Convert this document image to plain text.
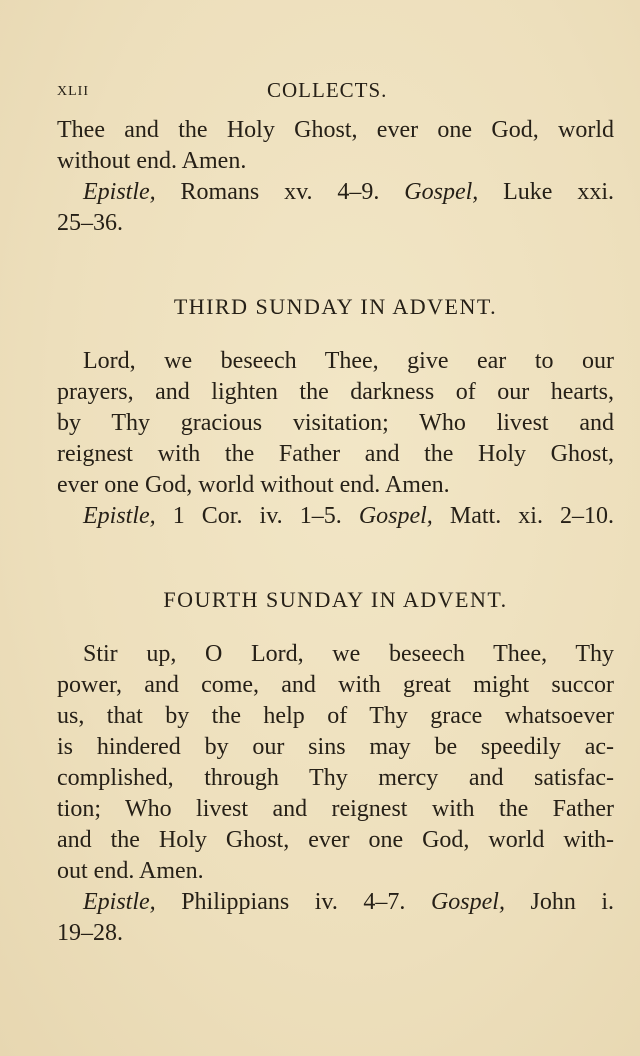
XLII	COLLECTS.
Thee and the Holy Ghost, ever one God, world
without end. Amen.
Epistle, Romans xv. 4–9. Gospel, Luke xxi.
25–36.
THIRD SUNDAY IN ADVENT.
Lord, we beseech Thee, give ear to our
prayers, and lighten the darkness of our hearts,
by Thy gracious visitation; Who livest and
reignest with the Father and the Holy Ghost,
ever one God, world without end. Amen.
Epistle, 1 Cor. iv. 1–5. Gospel, Matt. xi. 2–10.
FOURTH SUNDAY IN ADVENT.
Stir up, O Lord, we beseech Thee, Thy
power, and come, and with great might succor
us, that by the help of Thy grace whatsoever
is hindered by our sins may be speedily ac-
complished, through Thy mercy and satisfac-
tion; Who livest and reignest with the Father
and the Holy Ghost, ever one God, world with-
out end. Amen.
Epistle, Philippians iv. 4–7. Gospel, John i.
19–28.
